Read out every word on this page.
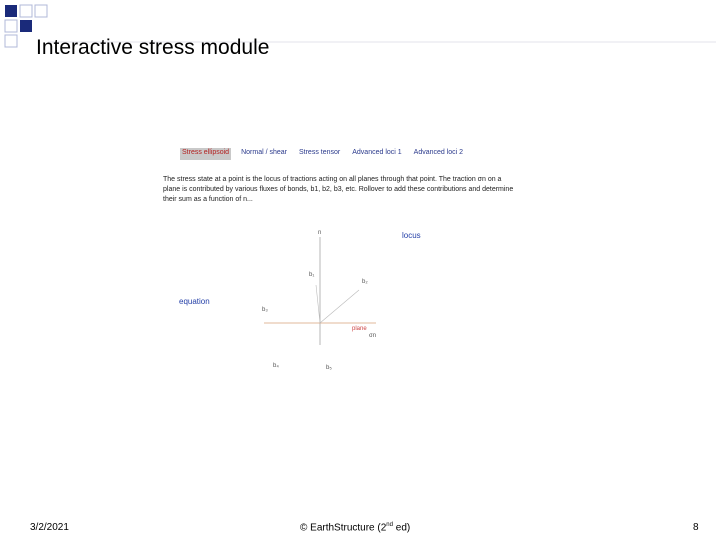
Interactive stress module
Stress ellipsoid Normal / shear Stress tensor Advanced loci 1 Advanced loci 2
The stress state at a point is the locus of tractions acting on all planes through that point. The traction σn on a plane is contributed by various fluxes of bonds, b1, b2, b3, etc. Rollover to add these contributions and determine their sum as a function of n...
n	locus
equation
b₁
b₂
b₃
b₄	b₅
plane
σn
3/2/2021	© EarthStructure (2nd ed)	8
